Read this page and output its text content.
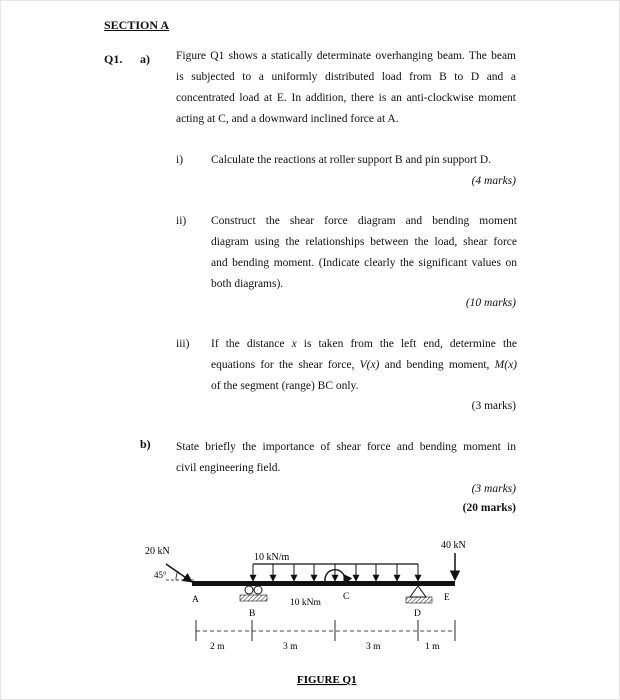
SECTION A
Q1. a) Figure Q1 shows a statically determinate overhanging beam. The beam
is subjected to a uniformly distributed load from B to D and a
concentrated load at E. In addition, there is an anti-clockwise moment
acting at C, and a downward inclined force at A.
i) Calculate the reactions at roller support B and pin support D.
(4 marks)
ii) Construct the shear force diagram and bending moment
diagram using the relationships between the load, shear force
and bending moment. (Indicate clearly the significant values on
both diagrams).
(10 marks)
iii) If the distance x is taken from the left end, determine the
equations for the shear force, V(x) and bending moment, M(x)
of the segment (range) BC only.
(3 marks)
b) State briefly the importance of shear force and bending moment in
civil engineering field.
(3 marks)
(20 marks)
20 kN
45°
10 kN/m
40 kN
10 kNm
A
B
C
D
E
2 m	3 m	3 m	1 m
FIGURE Q1
